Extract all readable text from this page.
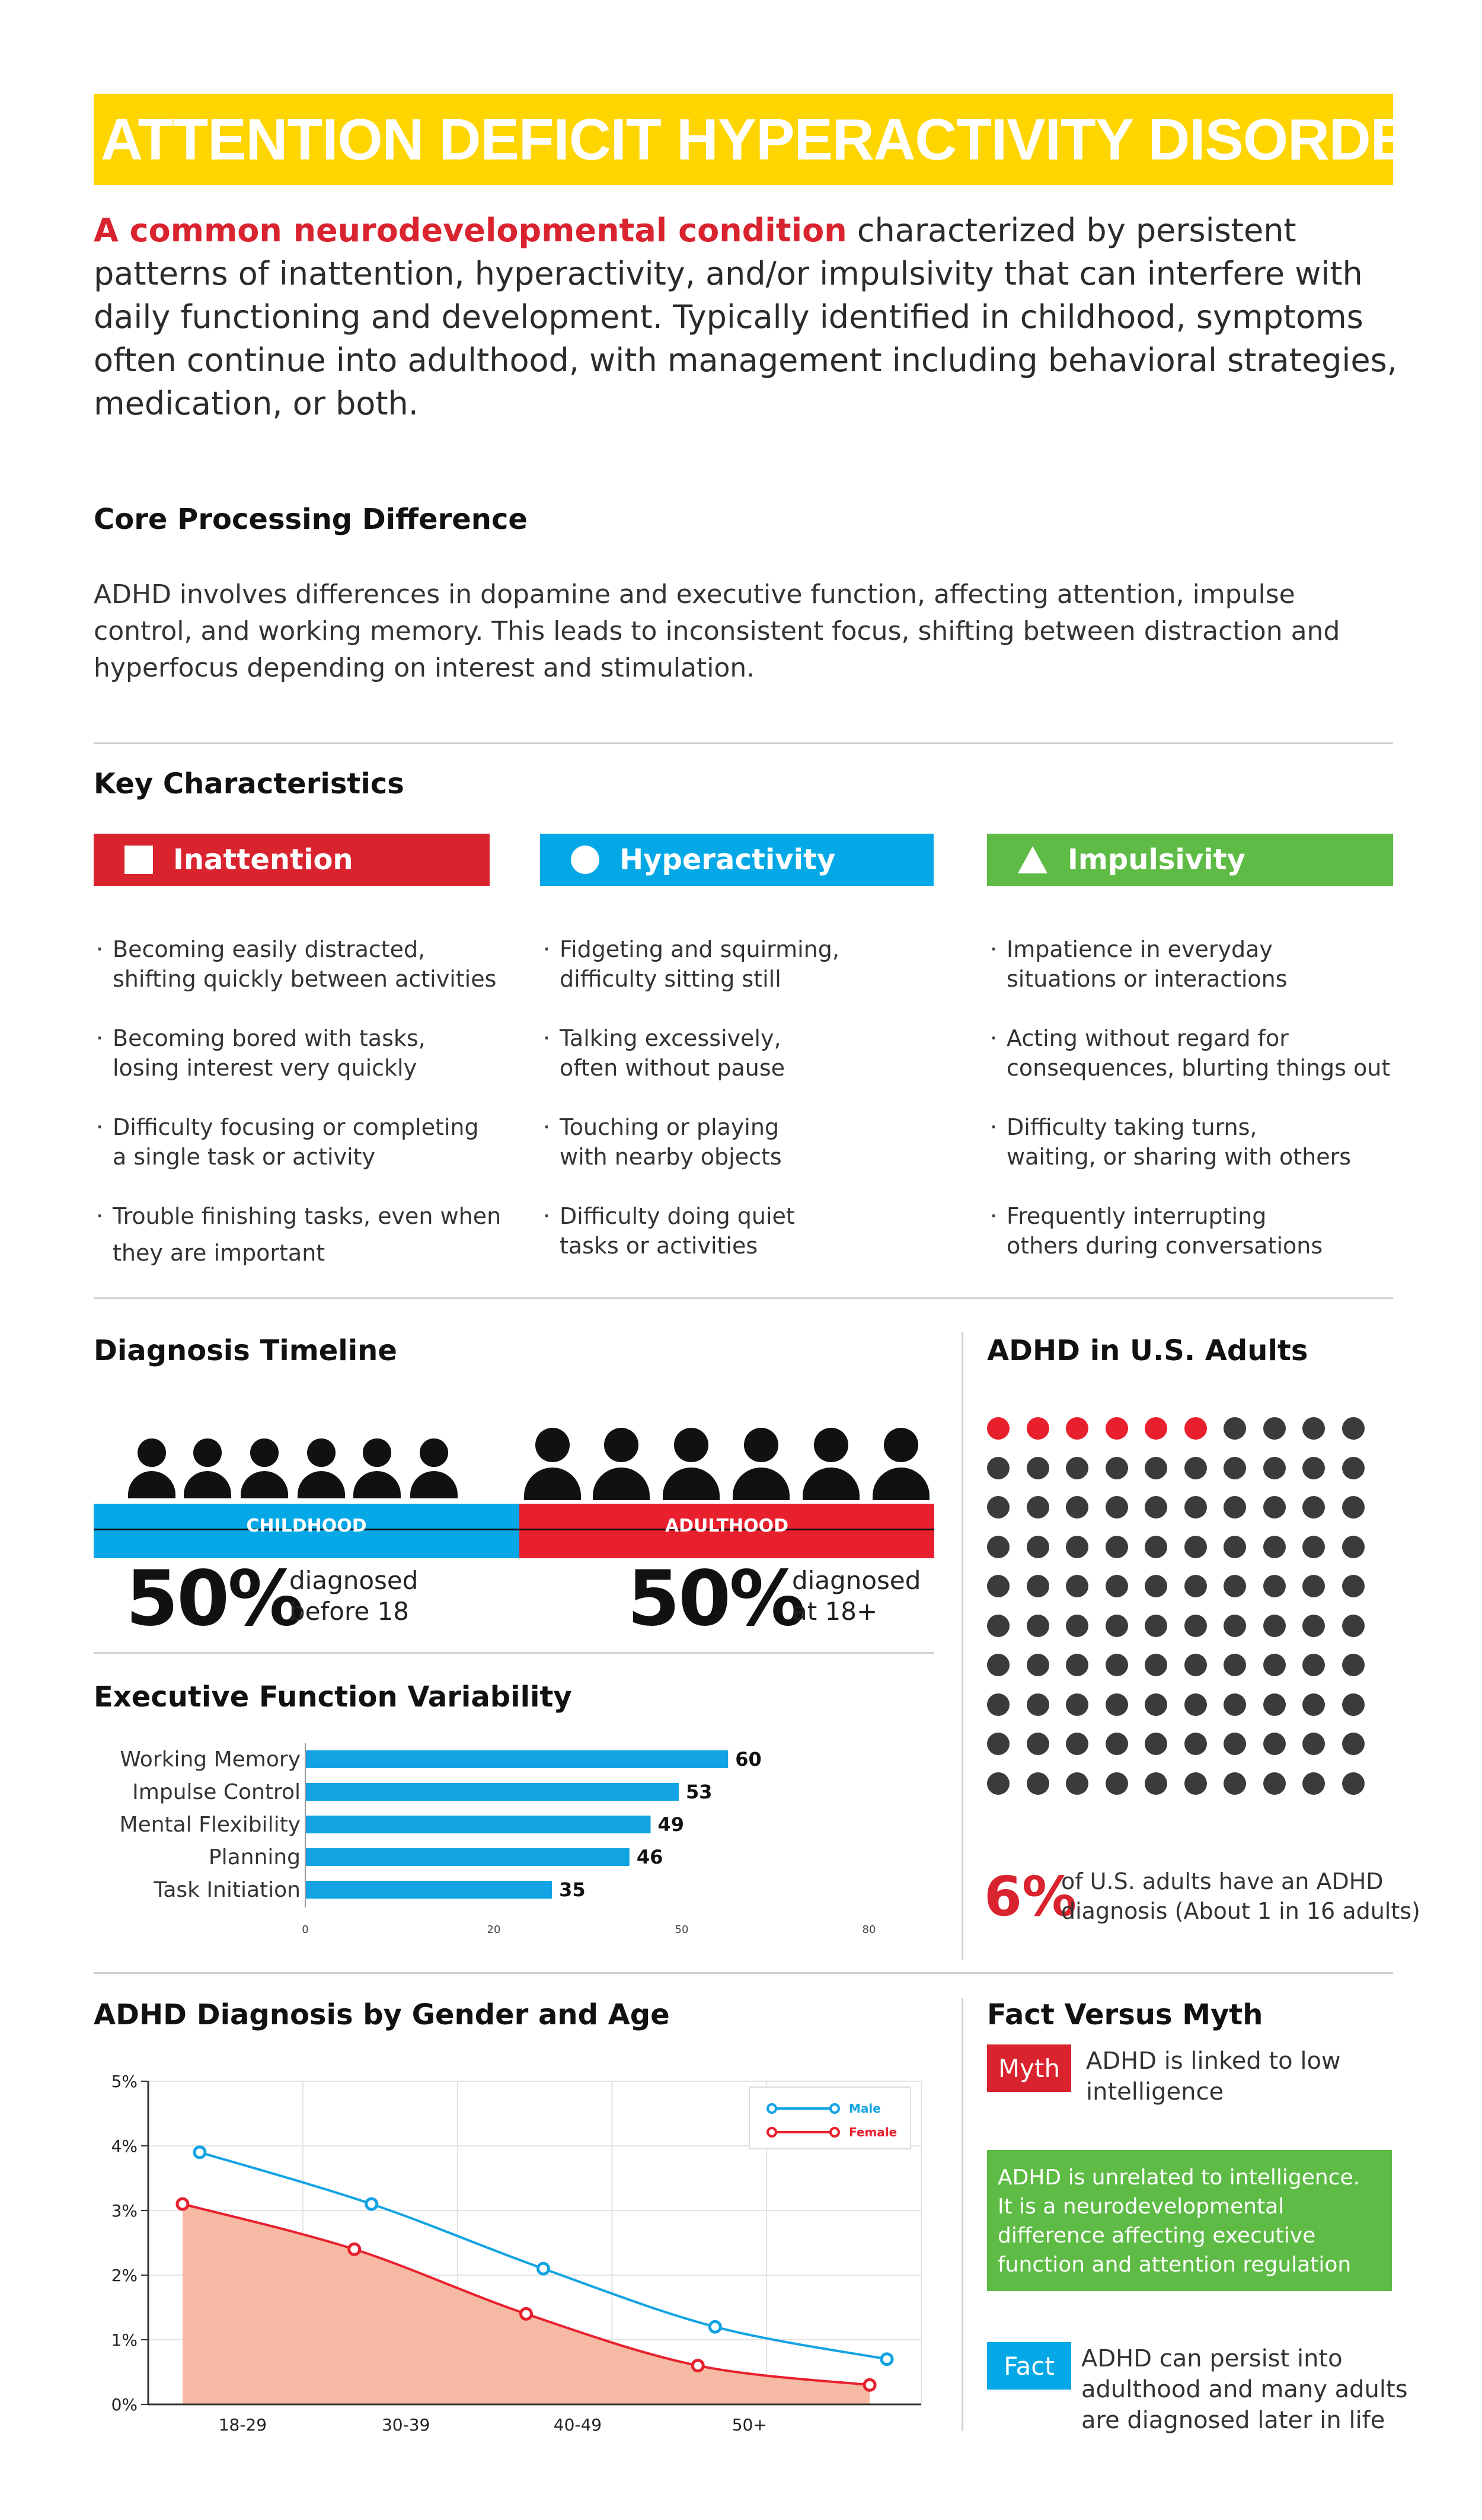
ATTENTION DEFICIT HYPERACTIVITY DISORDER
A common neurodevelopmental condition characterized by persistent patterns of inattention, hyperactivity, and/or impulsivity that can interfere with daily functioning and development. Typically identified in childhood, symptoms often continue into adulthood, with management including behavioral strategies, medication, or both.
Core Processing Difference
ADHD involves differences in dopamine and executive function, affecting attention, impulse control, and working memory. This leads to inconsistent focus, shifting between distraction and hyperfocus depending on interest and stimulation.
Key Characteristics
Inattention	Hyperactivity	Impulsivity
· Becoming easily distracted,
shifting quickly between activities
· Becoming bored with tasks,
losing interest very quickly
· Difficulty focusing or completing
a single task or activity
· Trouble finishing tasks, even when
they are important
· Fidgeting and squirming,
difficulty sitting still
· Talking excessively,
often without pause
· Touching or playing
with nearby objects
· Difficulty doing quiet
tasks or activities
· Impatience in everyday
situations or interactions
· Acting without regard for
consequences, blurting things out
· Difficulty taking turns,
waiting, or sharing with others
· Frequently interrupting
others during conversations
Diagnosis Timeline
CHILDHOOD	ADULTHOOD
50%
diagnosed
before 18	50%
diagnosed
at 18+
ADHD in U.S. Adults
6%
of U.S. adults have an ADHD
diagnosis (About 1 in 16 adults)
Executive Function Variability
Working Memory	60
Impulse Control	53
Mental Flexibility	49
Planning	46
Task Initiation	35
0	20	50	80
ADHD Diagnosis by Gender and Age
0%
1%
2%
3%
4%
5%
18-29	30-39	40-49	50+
Male
Female
Fact Versus Myth
Myth	ADHD is linked to low
intelligence
ADHD is unrelated to intelligence. It is a neurodevelopmental difference affecting executive function and attention regulation
Fact	ADHD can persist into
adulthood and many adults
are diagnosed later in life
